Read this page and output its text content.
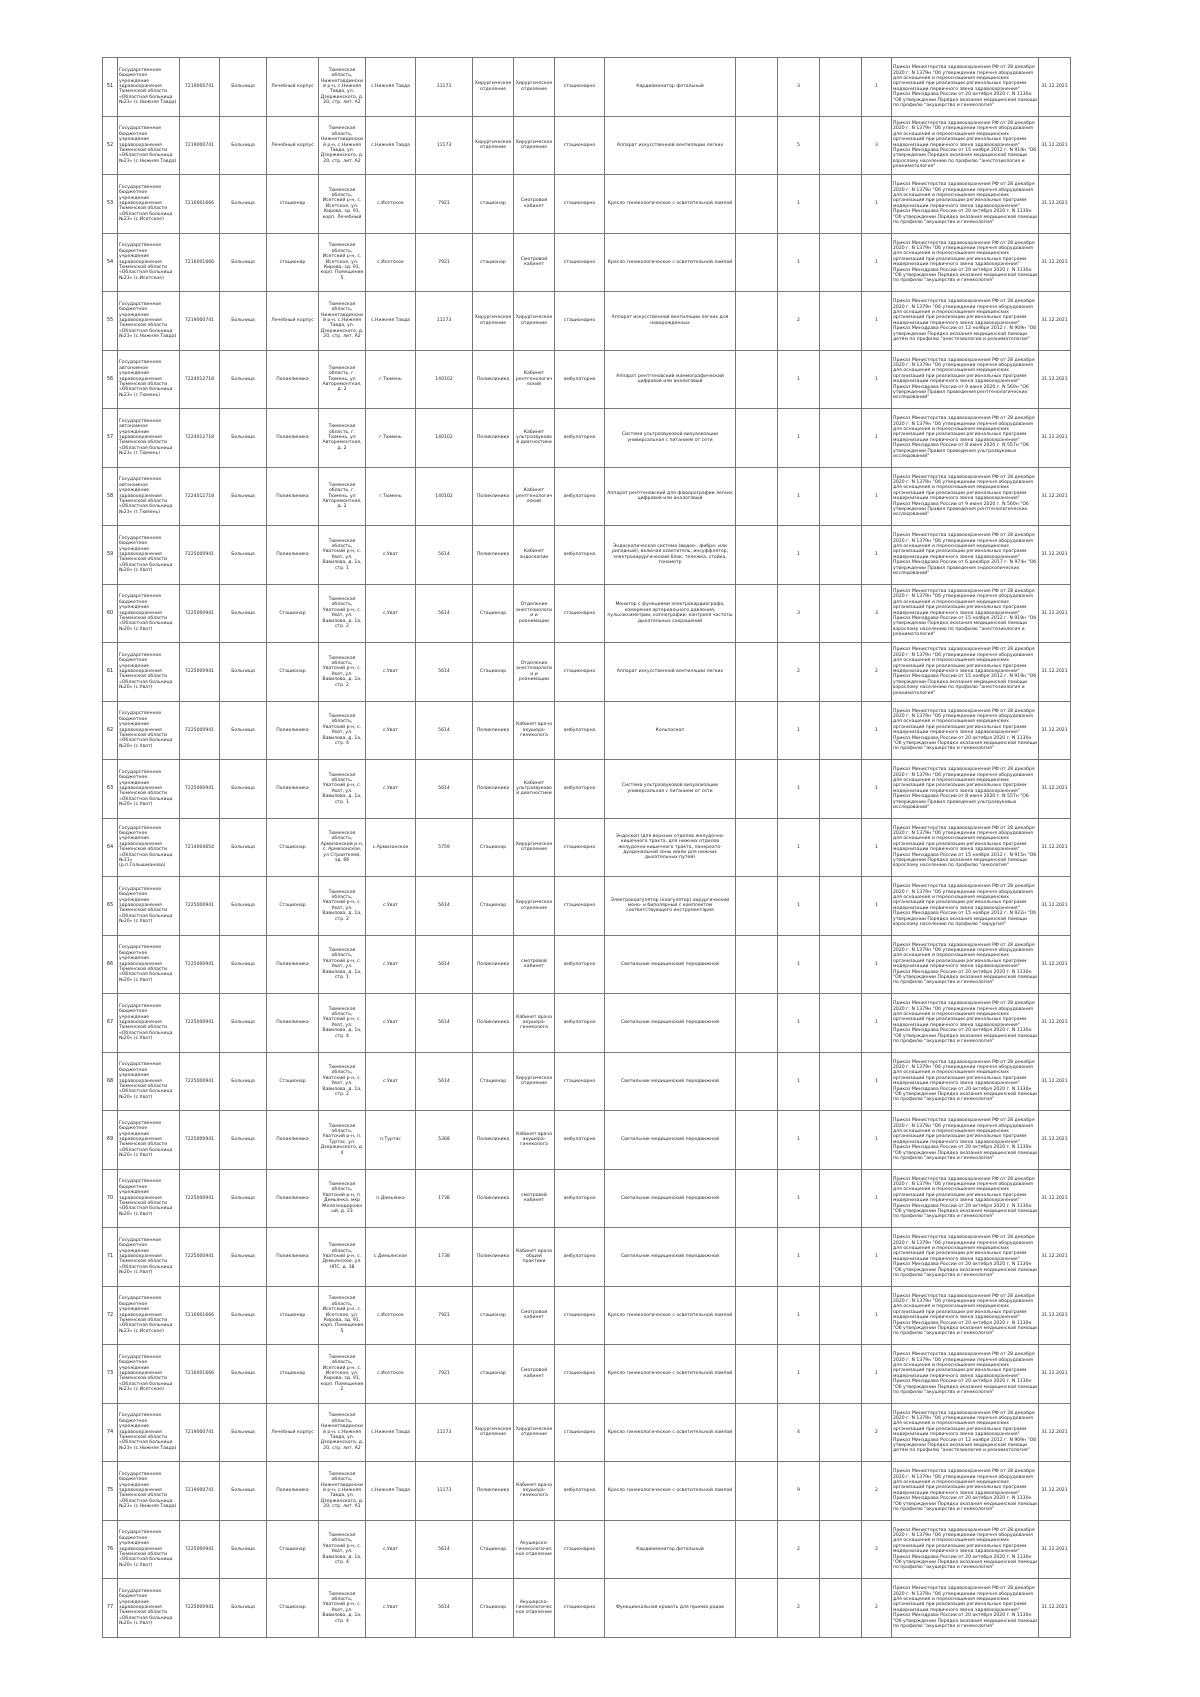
51	Государственное бюджетное учреждение здравоохранения Тюменской области «Областная больница №23» (с.Нижняя Тавда)	7219000741	Больница	Лечебный корпус	Тюменская область, Нижнетавдинский р-н, с.Нижняя Тавда, ул. Дзержинского, д. 20, стр. лит. А2	с.Нижняя Тавда	11173	Хирургическое отделение	Хирургическое отделение	стационарно	Кардиомонитор фетальный		3		1	Приказ Министерства здравоохранения РФ от 28 декабря 2020 г. N 1379н "Об утверждении перечня оборудования для оснащения и переоснащения медицинских организаций при реализации региональных программ модернизации первичного звена здравоохранения" Приказ Минздрава России от 20 октября 2020 г. N 1130н "Об утверждении Порядка оказания медицинской помощи по профилю "акушерство и гинекология"	31.12.2021
52	Государственное бюджетное учреждение здравоохранения Тюменской области «Областная больница №23» (с.Нижняя Тавда)	7219000741	Больница	Лечебный корпус	Тюменская область, Нижнетавдинский р-н, с.Нижняя Тавда, ул. Дзержинского, д. 20, стр. лит. А2	с.Нижняя Тавда	11173	Хирургическое отделение	Хирургическое отделение	стационарно	Аппарат искусственной вентиляции легких		5		3	Приказ Министерства здравоохранения РФ от 28 декабря 2020 г. N 1379н "Об утверждении перечня оборудования для оснащения и переоснащения медицинских организаций при реализации региональных программ модернизации первичного звена здравоохранения" Приказ Минздрава России от 15 ноября 2012 г. N 919н "Об утверждении Порядка оказания медицинской помощи взрослому населению по профилю "анестезиология и реаниматология"	31.12.2021
53	Государственное бюджетное учреждение здравоохранения Тюменской области «Областная больница №23» (с.Исетское)	7216001666	Больница	стационар	Тюменская область, Исетский р-н, с. Исетское, ул. Кирова, зд. 91, корп. Лечебный	с.Исетское	7921	стационар	Смотровой кабинет	стационарно	Кресло гинекологическое с осветительной лампой		1		1	Приказ Министерства здравоохранения РФ от 28 декабря 2020 г. N 1379н "Об утверждении перечня оборудования для оснащения и переоснащения медицинских организаций при реализации региональных программ модернизации первичного звена здравоохранения" Приказ Минздрава России от 20 октября 2020 г. N 1130н "Об утверждении Порядка оказания медицинской помощи по профилю "акушерство и гинекология"	31.12.2021
54	Государственное бюджетное учреждение здравоохранения Тюменской области «Областная больница №23» (с.Исетское)	7216001666	Больница	стационар	Тюменская область, Исетский р-н, с. Исетское, ул. Кирова, зд. 91, корп. Помещение 5	с.Исетское	7921	стационар	Смотровой кабинет	стационарно	Кресло гинекологическое с осветительной лампой		1		1	Приказ Министерства здравоохранения РФ от 28 декабря 2020 г. N 1379н "Об утверждении перечня оборудования для оснащения и переоснащения медицинских организаций при реализации региональных программ модернизации первичного звена здравоохранения" Приказ Минздрава России от 20 октября 2020 г. N 1130н "Об утверждении Порядка оказания медицинской помощи по профилю "акушерство и гинекология"	31.12.2021
55	Государственное бюджетное учреждение здравоохранения Тюменской области «Областная больница №23» (с.Нижняя Тавда)	7219000741	Больница	Лечебный корпус	Тюменская область, Нижнетавдинский р-н, с.Нижняя Тавда, ул. Дзержинского, д. 20, стр. лит. А2	с.Нижняя Тавда	11173	Хирургическое отделение	Хирургическое отделение	стационарно	Аппарат искусственной вентиляции легких для новорожденных		2		1	Приказ Министерства здравоохранения РФ от 28 декабря 2020 г. N 1379н "Об утверждении перечня оборудования для оснащения и переоснащения медицинских организаций при реализации региональных программ модернизации первичного звена здравоохранения" Приказ Минздрава России от 12 ноября 2012 г. N 909н "Об утверждении Порядка оказания медицинской помощи детям по профилю "анестезиология и реаниматология"	31.12.2021
56	Государственное автономное учреждение здравоохранения Тюменской области «Областная больница №23» (г.Тюмень)	7224012718	Больница	Поликлиника	Тюменская область, г. Тюмень, ул Авторемонтная, д. 2	г.Тюмень	140102	Поликлиника	Кабинет рентгенологический	амбулаторно	Аппарат рентгеновский маммографический цифровой или аналоговый		1		1	Приказ Министерства здравоохранения РФ от 28 декабря 2020 г. N 1379н "Об утверждении перечня оборудования для оснащения и переоснащения медицинских организаций при реализации региональных программ модернизации первичного звена здравоохранения" Приказ Минздрава России от 9 июня 2020 г. N 560н "Об утверждении Правил проведения рентгенологических исследований"	31.12.2021
57	Государственное автономное учреждение здравоохранения Тюменской области «Областная больница №23» (г.Тюмень)	7224012718	Больница	Поликлиника	Тюменская область, г. Тюмень, ул Авторемонтная, д. 2	г.Тюмень	140102	Поликлиника	Кабинет ультразвуковой диагностики	амбулаторно	Система ультразвуковой визуализации универсальная с питанием от сети		1		1	Приказ Министерства здравоохранения РФ от 28 декабря 2020 г. N 1379н "Об утверждении перечня оборудования для оснащения и переоснащения медицинских организаций при реализации региональных программ модернизации первичного звена здравоохранения" Приказ Минздрава России от 8 июня 2020 г. N 557н "Об утверждении Правил проведения ультразвуковых исследований"	31.12.2021
58	Государственное автономное учреждение здравоохранения Тюменской области «Областная больница №23» (г.Тюмень)	7224012718	Больница	Поликлиника	Тюменская область, г. Тюмень, ул Авторемонтная, д. 2	г.Тюмень	140102	Поликлиника	Кабинет рентгенологический	амбулаторно	Аппарат рентгеновский для флюорографии легких цифровой или аналоговый		1		1	Приказ Министерства здравоохранения РФ от 28 декабря 2020 г. N 1379н "Об утверждении перечня оборудования для оснащения и переоснащения медицинских организаций при реализации региональных программ модернизации первичного звена здравоохранения" Приказ Минздрава России от 9 июня 2020 г. N 560н "Об утверждении Правил проведения рентгенологических исследований"	31.12.2021
59	Государственное бюджетное учреждение здравоохранения Тюменской области «Областная больница №20» (с.Уват)	7225000941	Больница	Поликлиника	Тюменская область, Уватский р-н, с. Уват, ул. Вавилова, д. 1а, стр. 1	с.Уват	5614	Поликлиника	Кабинет эндоскопии	амбулаторно	Эндоскопическая система (видео-, фибро- или ригидный), включая осветитель, инсуффлятор, электрохирургический блок, тележка, стойка, тонометр		1		1	Приказ Министерства здравоохранения РФ от 28 декабря 2020 г. N 1379н "Об утверждении перечня оборудования для оснащения и переоснащения медицинских организаций при реализации региональных программ модернизации первичного звена здравоохранения" Приказ Минздрава России от 6 декабря 2017 г. N 974н "Об утверждении Правил проведения эндоскопических исследований"	31.12.2021
60	Государственное бюджетное учреждение здравоохранения Тюменской области «Областная больница №20» (с.Уват)	7225000941	Больница	Стационар	Тюменская область, Уватский р-н, с. Уват, ул. Вавилова, д. 1а, стр. 2	с.Уват	5614	Стационар	Отделение анестезиологии и реанимации	стационарно	Монитор с функциями электрокардиографа, измерения артериального давления, пульсоксиметрии, капнографии, контроля частоты дыхательных сокращений		3		3	Приказ Министерства здравоохранения РФ от 28 декабря 2020 г. N 1379н "Об утверждении перечня оборудования для оснащения и переоснащения медицинских организаций при реализации региональных программ модернизации первичного звена здравоохранения" Приказ Минздрава России от 15 ноября 2012 г. N 919н "Об утверждении Порядка оказания медицинской помощи взрослому населению по профилю "анестезиология и реаниматология"	31.12.2021
61	Государственное бюджетное учреждение здравоохранения Тюменской области «Областная больница №20» (с.Уват)	7225000941	Больница	Стационар	Тюменская область, Уватский р-н, с. Уват, ул. Вавилова, д. 1а, стр. 2	с.Уват	5614	Стационар	Отделение анестезиологии и реанимации	стационарно	Аппарат искусственной вентиляции легких		2		2	Приказ Министерства здравоохранения РФ от 28 декабря 2020 г. N 1379н "Об утверждении перечня оборудования для оснащения и переоснащения медицинских организаций при реализации региональных программ модернизации первичного звена здравоохранения" Приказ Минздрава России от 15 ноября 2012 г. N 919н "Об утверждении Порядка оказания медицинской помощи взрослому населению по профилю "анестезиология и реаниматология"	31.12.2021
62	Государственное бюджетное учреждение здравоохранения Тюменской области «Областная больница №20» (с.Уват)	7225000941	Больница	Поликлиника	Тюменская область, Уватский р-н, с. Уват, ул. Вавилова, д. 1а, стр. 4	с.Уват	5614	Поликлиника	Кабинет врача акушера-гинеколога	амбулаторно	Кольпоскоп		1		1	Приказ Министерства здравоохранения РФ от 28 декабря 2020 г. N 1379н "Об утверждении перечня оборудования для оснащения и переоснащения медицинских организаций при реализации региональных программ модернизации первичного звена здравоохранения" Приказ Минздрава России от 20 октября 2020 г. N 1130н "Об утверждении Порядка оказания медицинской помощи по профилю "акушерство и гинекология"	31.12.2021
63	Государственное бюджетное учреждение здравоохранения Тюменской области «Областная больница №20» (с.Уват)	7225000941	Больница	Поликлиника	Тюменская область, Уватский р-н, с. Уват, ул. Вавилова, д. 1а, стр. 1	с.Уват	5614	Поликлиника	Кабинет ультразвуковой диагностики	амбулаторно	Система ультразвуковой визуализации универсальная с питанием от сети		1		1	Приказ Министерства здравоохранения РФ от 28 декабря 2020 г. N 1379н "Об утверждении перечня оборудования для оснащения и переоснащения медицинских организаций при реализации региональных программ модернизации первичного звена здравоохранения" Приказ Минздрава России от 8 июня 2020 г. N 557н "Об утверждении Правил проведения ультразвуковых исследований"	31.12.2021
64	Государственное бюджетное учреждение здравоохранения Тюменской области «Областная больница №11» (р.п.Голышманово)	7214004654	Больница	Стационар	Тюменская область, Армизонский р-н, с. Армизонское, ул Строителей, зд. 66	с.Армизонское	5759	Стационар	Хирургическое отделение	стационарно	Эндоскоп (для верхних отделов желудочно-кишечного тракта, для нижних отделов желудочно-кишечного тракта, панкреато-дуоденальной зоны и/или для нижних дыхательных путей)		1		1	Приказ Министерства здравоохранения РФ от 28 декабря 2020 г. N 1379н "Об утверждении перечня оборудования для оснащения и переоснащения медицинских организаций при реализации региональных программ модернизации первичного звена здравоохранения" Приказ Минздрава России от 15 ноября 2012 г. N 915н "Об утверждении Порядка оказания медицинской помощи взрослому населению по профилю "онкология"	31.12.2021
65	Государственное бюджетное учреждение здравоохранения Тюменской области «Областная больница №20» (с.Уват)	7225000941	Больница	Стационар	Тюменская область, Уватский р-н, с. Уват, ул. Вавилова, д. 1а, стр. 2	с.Уват	5614	Стационар	Хирургическое отделение	стационарно	Электрокоагулятор (коагулятор) хирургический моно- и биполярный с комплектом соответствующего инструментария		1		1	Приказ Министерства здравоохранения РФ от 28 декабря 2020 г. N 1379н "Об утверждении перечня оборудования для оснащения и переоснащения медицинских организаций при реализации региональных программ модернизации первичного звена здравоохранения" Приказ Минздрава России от 15 ноября 2012 г. N 922н "Об утверждении Порядка оказания медицинской помощи взрослому населению по профилю "хирургия"	31.12.2021
66	Государственное бюджетное учреждение здравоохранения Тюменской области «Областная больница №20» (с.Уват)	7225000941	Больница	Поликлиника	Тюменская область, Уватский р-н, с. Уват, ул. Вавилова, д. 1а, стр. 1	с.Уват	5614	Поликлиника	смотровой кабинет	амбулаторно	Светильник медицинский передвижной		1		1	Приказ Министерства здравоохранения РФ от 28 декабря 2020 г. N 1379н "Об утверждении перечня оборудования для оснащения и переоснащения медицинских организаций при реализации региональных программ модернизации первичного звена здравоохранения" Приказ Минздрава России от 20 октября 2020 г. N 1130н "Об утверждении Порядка оказания медицинской помощи по профилю "акушерство и гинекология"	31.12.2021
67	Государственное бюджетное учреждение здравоохранения Тюменской области «Областная больница №20» (с.Уват)	7225000941	Больница	Поликлиника	Тюменская область, Уватский р-н, с. Уват, ул. Вавилова, д. 1а, стр. 4	с.Уват	5614	Поликлиника	Кабинет врача акушера-гинеколога	амбулаторно	Светильник медицинский передвижной		1		1	Приказ Министерства здравоохранения РФ от 28 декабря 2020 г. N 1379н "Об утверждении перечня оборудования для оснащения и переоснащения медицинских организаций при реализации региональных программ модернизации первичного звена здравоохранения" Приказ Минздрава России от 20 октября 2020 г. N 1130н "Об утверждении Порядка оказания медицинской помощи по профилю "акушерство и гинекология"	31.12.2021
68	Государственное бюджетное учреждение здравоохранения Тюменской области «Областная больница №20» (с.Уват)	7225000941	Больница	Стационар	Тюменская область, Уватский р-н, с. Уват, ул. Вавилова, д. 1а, стр. 2	с.Уват	5614	Стационар	Хирургическое отделение	стационарно	Светильник медицинский передвижной		1		1	Приказ Министерства здравоохранения РФ от 28 декабря 2020 г. N 1379н "Об утверждении перечня оборудования для оснащения и переоснащения медицинских организаций при реализации региональных программ модернизации первичного звена здравоохранения" Приказ Минздрава России от 20 октября 2020 г. N 1130н "Об утверждении Порядка оказания медицинской помощи по профилю "акушерство и гинекология"	31.12.2021
69	Государственное бюджетное учреждение здравоохранения Тюменской области «Областная больница №20» (с.Уват)	7225000941	Больница	Поликлиника	Тюменская область, Уватский р-н, п. Туртас, ул. Дзержинского, д. 4	п.Туртас	5368	Поликлиника	Кабинет врача акушера-гинеколога	амбулаторно	Светильник медицинский передвижной		1		1	Приказ Министерства здравоохранения РФ от 28 декабря 2020 г. N 1379н "Об утверждении перечня оборудования для оснащения и переоснащения медицинских организаций при реализации региональных программ модернизации первичного звена здравоохранения" Приказ Минздрава России от 20 октября 2020 г. N 1130н "Об утверждении Порядка оказания медицинской помощи по профилю "акушерство и гинекология"	31.12.2021
70	Государственное бюджетное учреждение здравоохранения Тюменской области «Областная больница №20» (с.Уват)	7225000941	Больница	Поликлиника	Тюменская область, Уватский р-н, п. Демьянка, мкр Железнодорожный, д. 23	п.Демьянка	1738	Поликлиника	смотровой кабинет	амбулаторно	Светильник медицинский передвижной		1		1	Приказ Министерства здравоохранения РФ от 28 декабря 2020 г. N 1379н "Об утверждении перечня оборудования для оснащения и переоснащения медицинских организаций при реализации региональных программ модернизации первичного звена здравоохранения" Приказ Минздрава России от 20 октября 2020 г. N 1130н "Об утверждении Порядка оказания медицинской помощи по профилю "акушерство и гинекология"	31.12.2021
71	Государственное бюджетное учреждение здравоохранения Тюменской области «Областная больница №20» (с.Уват)	7225000941	Больница	Поликлиника	Тюменская область, Уватский р-н, с. Демьянское, ул. НПС, д. 38	с.Демьянское	1738	Поликлиника	Кабинет врача общей практики	амбулаторно	Светильник медицинский передвижной		1		1	Приказ Министерства здравоохранения РФ от 28 декабря 2020 г. N 1379н "Об утверждении перечня оборудования для оснащения и переоснащения медицинских организаций при реализации региональных программ модернизации первичного звена здравоохранения" Приказ Минздрава России от 20 октября 2020 г. N 1130н "Об утверждении Порядка оказания медицинской помощи по профилю "акушерство и гинекология"	31.12.2021
72	Государственное бюджетное учреждение здравоохранения Тюменской области «Областная больница №23» (с.Исетское)	7216001666	Больница	стационар	Тюменская область, Исетский р-н, с. Исетское, ул. Кирова, зд. 91, корп. Помещение 5	с.Исетское	7921	стационар	Смотровой кабинет	стационарно	Кресло гинекологическое с осветительной лампой		1		1	Приказ Министерства здравоохранения РФ от 28 декабря 2020 г. N 1379н "Об утверждении перечня оборудования для оснащения и переоснащения медицинских организаций при реализации региональных программ модернизации первичного звена здравоохранения" Приказ Минздрава России от 20 октября 2020 г. N 1130н "Об утверждении Порядка оказания медицинской помощи по профилю "акушерство и гинекология"	31.12.2021
73	Государственное бюджетное учреждение здравоохранения Тюменской области «Областная больница №23» (с.Исетское)	7216001666	Больница	стационар	Тюменская область, Исетский р-н, с. Исетское, ул. Кирова, зд. 91, корп. Помещение 2	с.Исетское	7921	стационар	Смотровой кабинет	стационарно	Кресло гинекологическое с осветительной лампой		1		1	Приказ Министерства здравоохранения РФ от 28 декабря 2020 г. N 1379н "Об утверждении перечня оборудования для оснащения и переоснащения медицинских организаций при реализации региональных программ модернизации первичного звена здравоохранения" Приказ Минздрава России от 20 октября 2020 г. N 1130н "Об утверждении Порядка оказания медицинской помощи по профилю "акушерство и гинекология"	31.12.2021
74	Государственное бюджетное учреждение здравоохранения Тюменской области «Областная больница №23» (с.Нижняя Тавда)	7219000741	Больница	Лечебный корпус	Тюменская область, Нижнетавдинский р-н, с.Нижняя Тавда, ул. Дзержинского, д. 20, стр. лит. А2	с.Нижняя Тавда	11173	Хирургическое отделение	Хирургическое отделение	стационарно	Кресло гинекологическое с осветительной лампой		4		2	Приказ Министерства здравоохранения РФ от 28 декабря 2020 г. N 1379н "Об утверждении перечня оборудования для оснащения и переоснащения медицинских организаций при реализации региональных программ модернизации первичного звена здравоохранения" Приказ Минздрава России от 12 ноября 2012 г. N 909н "Об утверждении Порядка оказания медицинской помощи детям по профилю "анестезиология и реаниматология"	31.12.2021
75	Государственное бюджетное учреждение здравоохранения Тюменской области «Областная больница №23» (с.Нижняя Тавда)	7219000741	Больница	Поликлиника	Тюменская область, Нижнетавдинский р-н, с.Нижняя Тавда, ул. Дзержинского, д. 20, стр. лит. А1	с.Нижняя Тавда	11173	Поликлиника	Кабинет врача акушера-гинеколога	амбулаторно	Кресло гинекологическое с осветительной лампой		9		2	Приказ Министерства здравоохранения РФ от 28 декабря 2020 г. N 1379н "Об утверждении перечня оборудования для оснащения и переоснащения медицинских организаций при реализации региональных программ модернизации первичного звена здравоохранения" Приказ Минздрава России от 20 октября 2020 г. N 1130н "Об утверждении Порядка оказания медицинской помощи по профилю "акушерство и гинекология"	31.12.2021
76	Государственное бюджетное учреждение здравоохранения Тюменской области «Областная больница №20» (с.Уват)	7225000941	Больница	Стационар	Тюменская область, Уватский р-н, с. Уват, ул. Вавилова, д. 1а, стр. 4	с.Уват	5614	Стационар	Акушерско-гинекологическое отделение	стационарно	Кардиомонитор фетальный		2		2	Приказ Министерства здравоохранения РФ от 28 декабря 2020 г. N 1379н "Об утверждении перечня оборудования для оснащения и переоснащения медицинских организаций при реализации региональных программ модернизации первичного звена здравоохранения" Приказ Минздрава России от 20 октября 2020 г. N 1130н "Об утверждении Порядка оказания медицинской помощи по профилю "акушерство и гинекология"	31.12.2021
77	Государственное бюджетное учреждение здравоохранения Тюменской области «Областная больница №20» (с.Уват)	7225000941	Больница	Стационар	Тюменская область, Уватский р-н, с. Уват, ул. Вавилова, д. 1а, стр. 4	с.Уват	5614	Стационар	Акушерско-гинекологическое отделение	стационарно	Функциональная кровать для приема родов		2		2	Приказ Министерства здравоохранения РФ от 28 декабря 2020 г. N 1379н "Об утверждении перечня оборудования для оснащения и переоснащения медицинских организаций при реализации региональных программ модернизации первичного звена здравоохранения" Приказ Минздрава России от 20 октября 2020 г. N 1130н "Об утверждении Порядка оказания медицинской помощи по профилю "акушерство и гинекология"	31.12.2021
